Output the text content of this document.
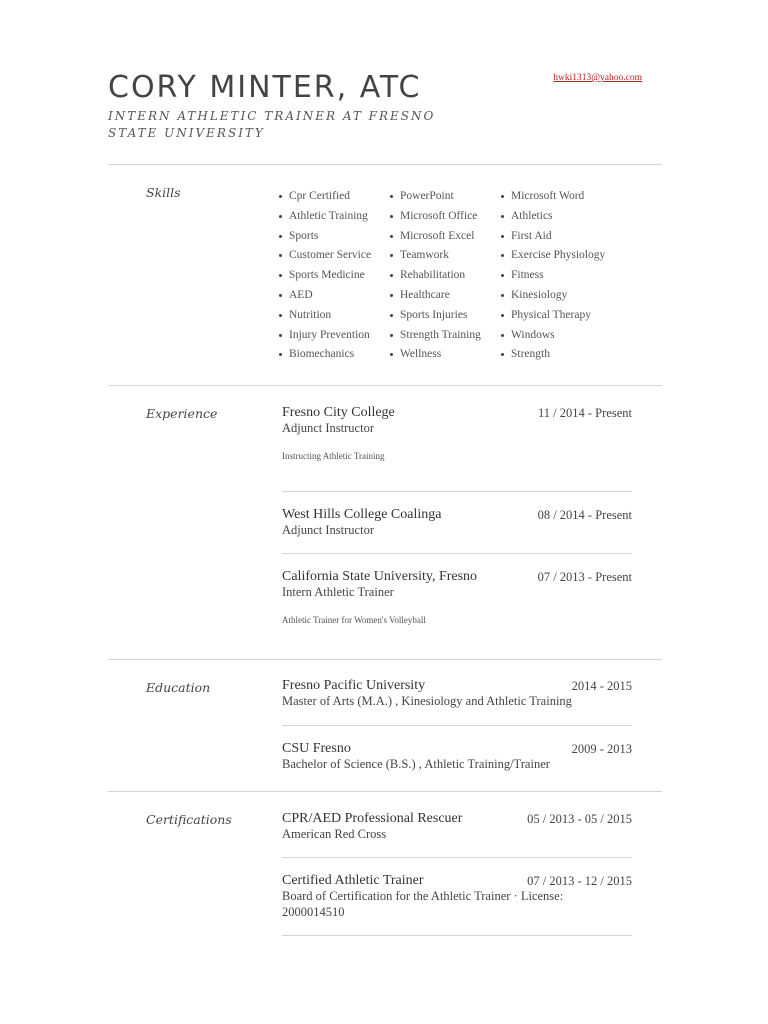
CORY MINTER, ATC
INTERN ATHLETIC TRAINER AT FRESNO STATE UNIVERSITY
hwki1313@yahoo.com
Skills	Cpr Certified
Athletic Training
Sports
Customer Service
Sports Medicine
AED
Nutrition
Injury Prevention
Biomechanics
PowerPoint
Microsoft Office
Microsoft Excel
Teamwork
Rehabilitation
Healthcare
Sports Injuries
Strength Training
Wellness
Microsoft Word
Athletics
First Aid
Exercise Physiology
Fitness
Kinesiology
Physical Therapy
Windows
Strength
Experience	Fresno City College	11 / 2014 - Present
Adjunct Instructor
Instructing Athletic Training
West Hills College Coalinga	08 / 2014 - Present
Adjunct Instructor
California State University, Fresno	07 / 2013 - Present
Intern Athletic Trainer
Athletic Trainer for Women's Volleyball
Education	Fresno Pacific University	2014 - 2015
Master of Arts (M.A.) , Kinesiology and Athletic Training
CSU Fresno	2009 - 2013
Bachelor of Science (B.S.) , Athletic Training/Trainer
Certifications	CPR/AED Professional Rescuer	05 / 2013 - 05 / 2015
American Red Cross
Certified Athletic Trainer	07 / 2013 - 12 / 2015
Board of Certification for the Athletic Trainer · License: 2000014510
